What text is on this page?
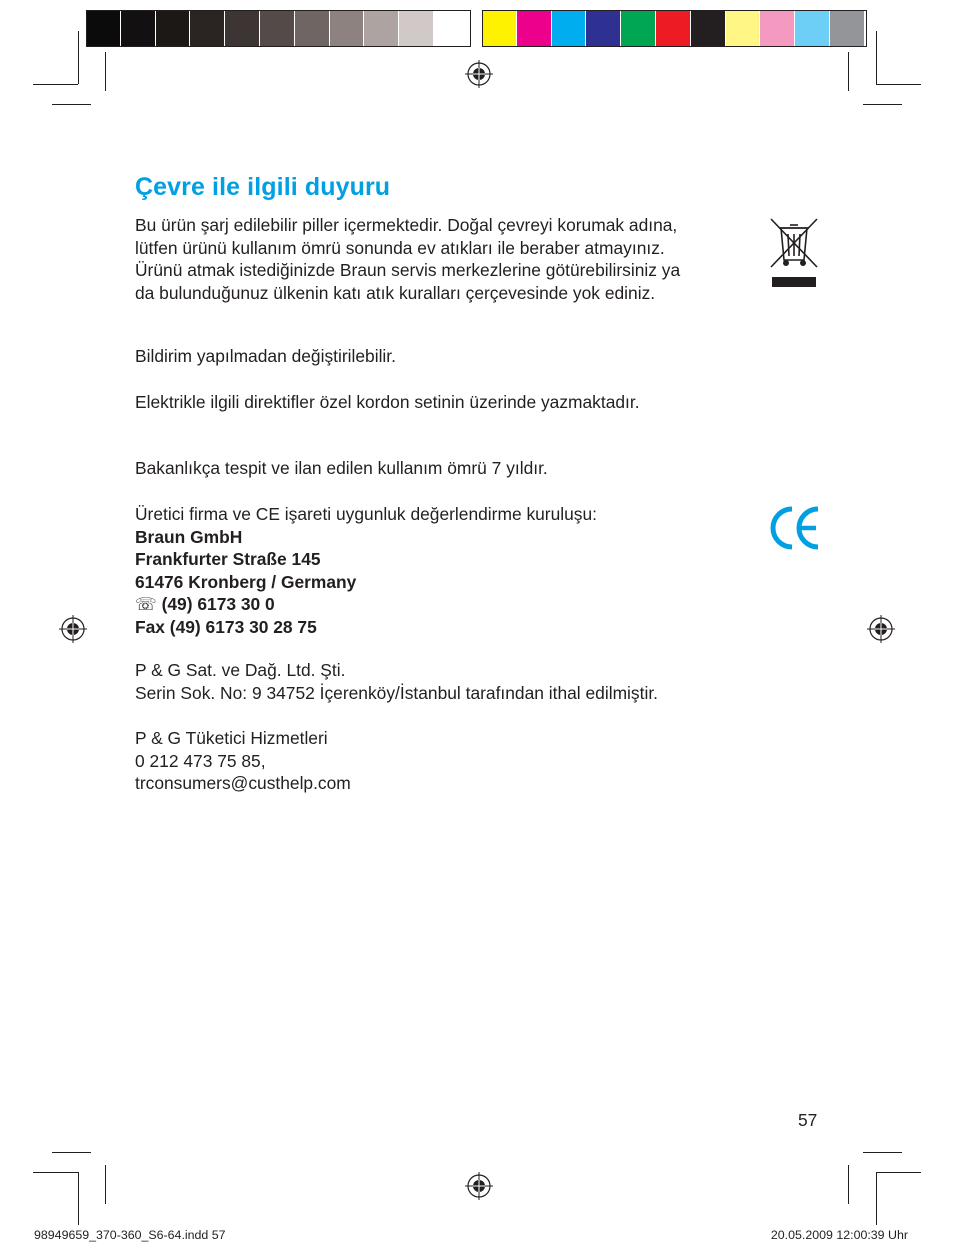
Çevre ile ilgili duyuru
Bu ürün şarj edilebilir piller içermektedir. Doğal çevreyi korumak adına,
lütfen ürünü kullanım ömrü sonunda ev atıkları ile beraber atmayınız.
Ürünü atmak istediğinizde Braun servis merkezlerine götürebilirsiniz ya
da bulunduğunuz ülkenin katı atık kuralları çerçevesinde yok ediniz.
Bildirim yapılmadan değiştirilebilir.
Elektrikle ilgili direktifler özel kordon setinin üzerinde yazmaktadır.
Bakanlıkça tespit ve ilan edilen kullanım ömrü 7 yıldır.
Üretici firma ve CE işareti uygunluk değerlendirme kuruluşu:
Braun GmbH
Frankfurter Straße 145
61476 Kronberg / Germany
☏ (49) 6173 30 0
Fax (49) 6173 30 28 75
P & G Sat. ve Dağ. Ltd. Şti.
Serin Sok. No: 9 34752 İçerenköy/İstanbul tarafından ithal edilmiştir.
P & G Tüketici Hizmetleri
0 212 473 75 85,
trconsumers@custhelp.com
57
98949659_370-360_S6-64.indd 57	20.05.2009 12:00:39 Uhr
